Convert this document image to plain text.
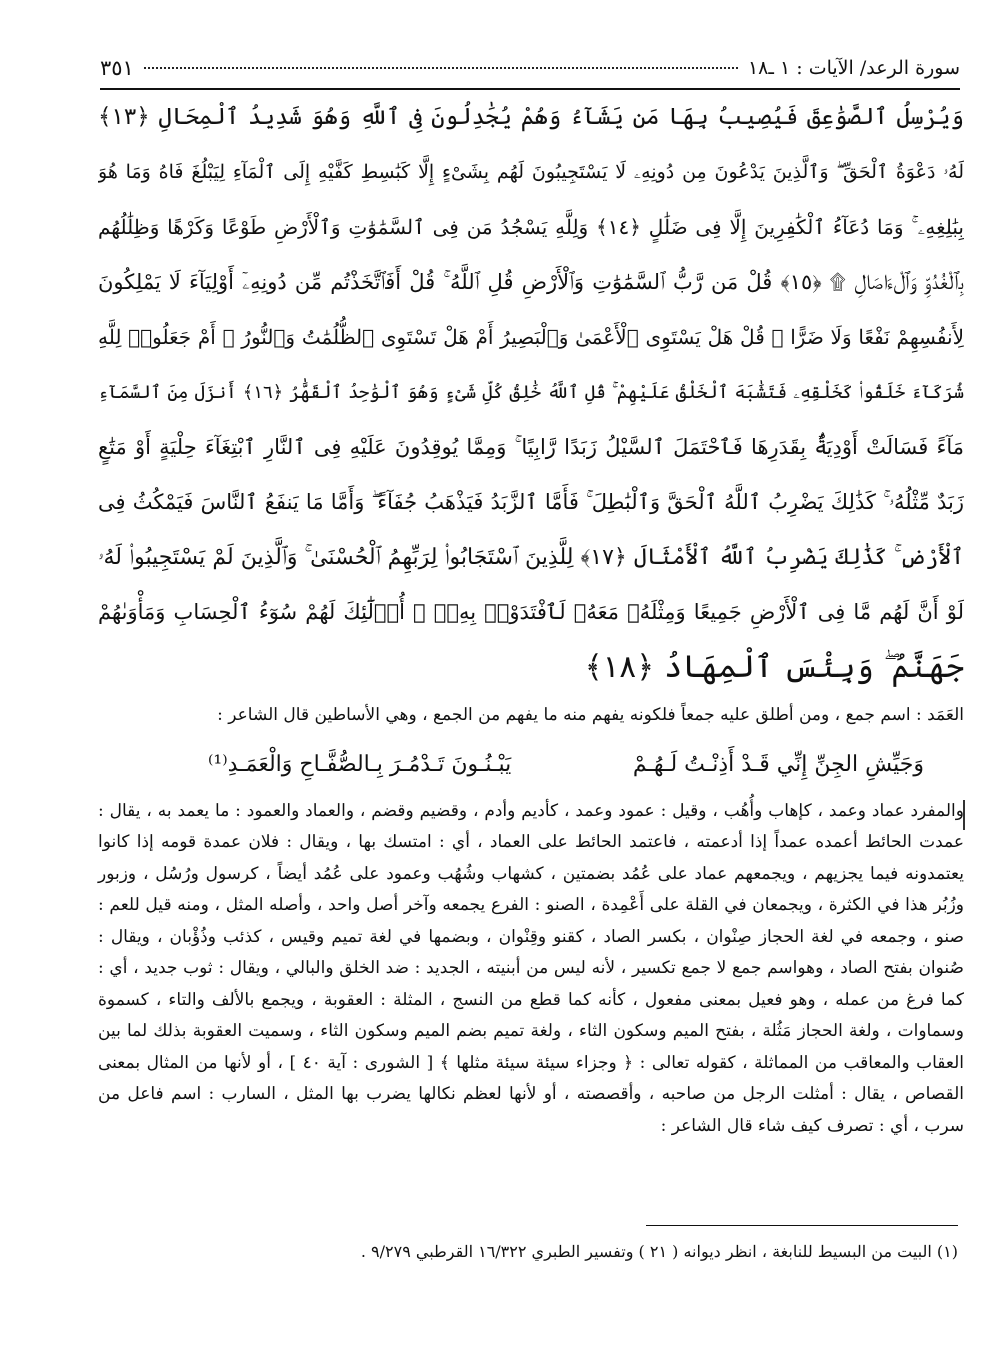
سورة الرعد/ الآيات : ١ ـ١٨
٣٥١
وَيُرْسِلُ ٱلصَّوَٰعِقَ فَيُصِيبُ بِهَا مَن يَشَآءُ وَهُمْ يُجَٰدِلُونَ فِى ٱللَّهِ وَهُوَ شَدِيدُ ٱلْمِحَالِ ﴿١٣﴾
لَهُۥ دَعْوَةُ ٱلْحَقِّ ۖ وَٱلَّذِينَ يَدْعُونَ مِن دُونِهِۦ لَا يَسْتَجِيبُونَ لَهُم بِشَىْءٍ إِلَّا كَبَٰسِطِ كَفَّيْهِ إِلَى ٱلْمَآءِ لِيَبْلُغَ فَاهُ وَمَا هُوَ
بِبَٰلِغِهِۦ ۚ وَمَا دُعَآءُ ٱلْكَٰفِرِينَ إِلَّا فِى ضَلَٰلٍ ﴿١٤﴾ وَلِلَّهِ يَسْجُدُ مَن فِى ٱلسَّمَٰوَٰتِ وَٱلْأَرْضِ طَوْعًا وَكَرْهًا وَظِلَٰلُهُم
بِٱلْغُدُوِّ وَٱلْءَاصَالِ ۩ ﴿١٥﴾ قُلْ مَن رَّبُّ ٱلسَّمَٰوَٰتِ وَٱلْأَرْضِ قُلِ ٱللَّهُ ۚ قُلْ أَفَٱتَّخَذْتُم مِّن دُونِهِۦٓ أَوْلِيَآءَ لَا يَمْلِكُونَ
لِأَنفُسِهِمْ نَفْعًا وَلَا ضَرًّا ۚ قُلْ هَلْ يَسْتَوِى ٱلْأَعْمَىٰ وَٱلْبَصِيرُ أَمْ هَلْ تَسْتَوِى ٱلظُّلُمَٰتُ وَٱلنُّورُ ۗ أَمْ جَعَلُوا۟ لِلَّهِ
شُرَكَآءَ خَلَقُوا۟ كَخَلْقِهِۦ فَتَشَٰبَهَ ٱلْخَلْقُ عَلَيْهِمْ ۚ قُلِ ٱللَّهُ خَٰلِقُ كُلِّ شَىْءٍ وَهُوَ ٱلْوَٰحِدُ ٱلْقَهَّٰرُ ﴿١٦﴾ أَنزَلَ مِنَ ٱلسَّمَآءِ
مَآءً فَسَالَتْ أَوْدِيَةٌۢ بِقَدَرِهَا فَٱحْتَمَلَ ٱلسَّيْلُ زَبَدًا رَّابِيًا ۚ وَمِمَّا يُوقِدُونَ عَلَيْهِ فِى ٱلنَّارِ ٱبْتِغَآءَ حِلْيَةٍ أَوْ مَتَٰعٍ
زَبَدٌ مِّثْلُهُۥ ۚ كَذَٰلِكَ يَضْرِبُ ٱللَّهُ ٱلْحَقَّ وَٱلْبَٰطِلَ ۚ فَأَمَّا ٱلزَّبَدُ فَيَذْهَبُ جُفَآءً ۖ وَأَمَّا مَا يَنفَعُ ٱلنَّاسَ فَيَمْكُثُ فِى
ٱلْأَرْضِ ۚ كَذَٰلِكَ يَضْرِبُ ٱللَّهُ ٱلْأَمْثَالَ ﴿١٧﴾ لِلَّذِينَ ٱسْتَجَابُوا۟ لِرَبِّهِمُ ٱلْحُسْنَىٰ ۚ وَٱلَّذِينَ لَمْ يَسْتَجِيبُوا۟ لَهُۥ
لَوْ أَنَّ لَهُم مَّا فِى ٱلْأَرْضِ جَمِيعًا وَمِثْلَهُۥ مَعَهُۥ لَٱفْتَدَوْا۟ بِهِۦٓ ۚ أُو۟لَٰٓئِكَ لَهُمْ سُوٓءُ ٱلْحِسَابِ وَمَأْوَىٰهُمْ
جَهَنَّمُ ۖ وَبِئْسَ ٱلْمِهَادُ ﴿١٨﴾

العَمَد : اسم جمع ، ومن أطلق عليه جمعاً فلكونه يفهم منه ما يفهم من الجمع ، وهي الأساطين قال الشاعر :

وَجَيِّشِ الجِنِّ إِنِّي قَـدْ أَذِنْـتُ لَـهُـمْ
يَبْـنُـونَ تَـدْمُـرَ بِـالصُّفَّـاحِ وَالْعَمَـدِ⁽¹⁾

والمفرد عماد وعمد ، كإهاب وأُهُب ، وقيل : عمود وعمد ، كأديم وأدم ، وقضيم وقضم ، والعماد والعمود : ما يعمد به ، يقال : عمدت الحائط أعمده عمداً إذا أدعمته ، فاعتمد الحائط على العماد ، أي : امتسك بها ، ويقال : فلان عمدة قومه إذا كانوا يعتمدونه فيما يجزيهم ، ويجمعهم عماد على عُمُد بضمتين ، كشهاب وشُهُب وعمود على عُمُد أيضاً ، كرسول ورُسُل ، وزبور وزُبُر هذا في الكثرة ، ويجمعان في القلة على أَعْمِدة ، الصنو : الفرع يجمعه وآخر أصل واحد ، وأصله المثل ، ومنه قيل للعم : صنو ، وجمعه في لغة الحجاز صِنْوان ، بكسر الصاد ، كقنو وقِنْوان ، وبضمها في لغة تميم وقيس ، كذئب وذُؤْبان ، ويقال : صُنوان بفتح الصاد ، وهواسم جمع لا جمع تكسير ، لأنه ليس من أبنيته ، الجديد : ضد الخلق والبالي ، ويقال : ثوب جديد ، أي : كما فرغ من عمله ، وهو فعيل بمعنى مفعول ، كأنه كما قطع من النسج ، المثلة : العقوبة ، ويجمع بالألف والتاء ، كسموة وسماوات ، ولغة الحجاز مَثُلة ، بفتح الميم وسكون الثاء ، ولغة تميم بضم الميم وسكون الثاء ، وسميت العقوبة بذلك لما بين العقاب والمعاقب من المماثلة ، كقوله تعالى : ﴿ وجزاء سيئة سيئة مثلها ﴾ [ الشورى : آية ٤٠ ] ، أو لأنها من المثال بمعنى القصاص ، يقال : أمثلت الرجل من صاحبه ، وأقصصته ، أو لأنها لعظم نكالها يضرب بها المثل ، السارب : اسم فاعل من سرب ، أي : تصرف كيف شاء قال الشاعر :

(١) البيت من البسيط للنابغة ، انظر ديوانه ( ٢١ ) وتفسير الطبري ١٦/٣٢٢ القرطبي ٩/٢٧٩ .
